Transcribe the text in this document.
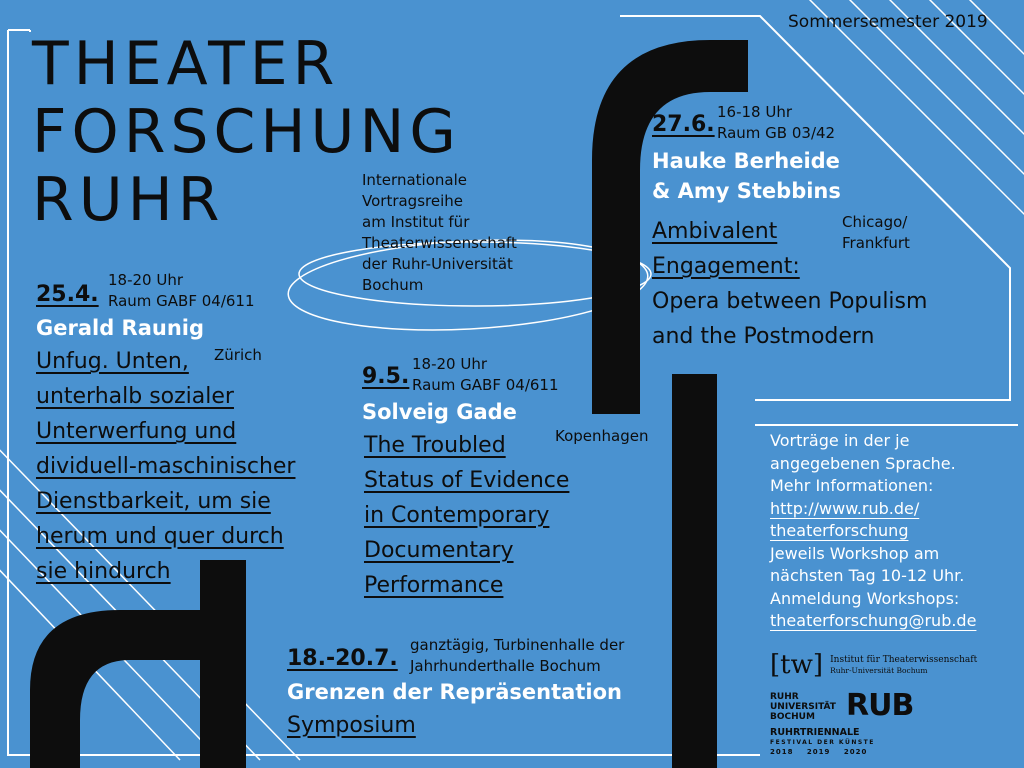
Sommersemester 2019
THEATER
FORSCHUNG
RUHR	Internationale
Vortragsreihe
am Institut für
Theaterwissenschaft
der Ruhr-Universität
Bochum
25.4.
18-20 Uhr
Raum GABF 04/611
Gerald Raunig
Zürich
Unfug. Unten,
unterhalb sozialer
Unterwerfung und
dividuell-maschinischer
Dienstbarkeit, um sie
herum und quer durch
sie hindurch
9.5. 18-20 Uhr
Raum GABF 04/611
Solveig Gade
Kopenhagen
The Troubled
Status of Evidence
in Contemporary
Documentary
Performance
27.6. 16-18 Uhr
Raum GB 03/42
Hauke Berheide
& Amy Stebbins
Chicago/
Frankfurt
Ambivalent
Engagement:
Opera between Populism
and the Postmodern
18.-20.7.
ganztägig, Turbinenhalle der
Jahrhunderthalle Bochum
Grenzen der Repräsentation
Symposium
Vorträge in der je
angegebenen Sprache.
Mehr Informationen:
http://www.rub.de/
theaterforschung
Jeweils Workshop am
nächsten Tag 10-12 Uhr.
Anmeldung Workshops:
theaterforschung@rub.de
[tw] Institut für Theaterwissenschaft
Ruhr-Universität Bochum
RUHR
UNIVERSITÄT
BOCHUM	RUB
RUHRTRIENNALE
FESTIVAL DER KÜNSTE
2018 2019 2020
